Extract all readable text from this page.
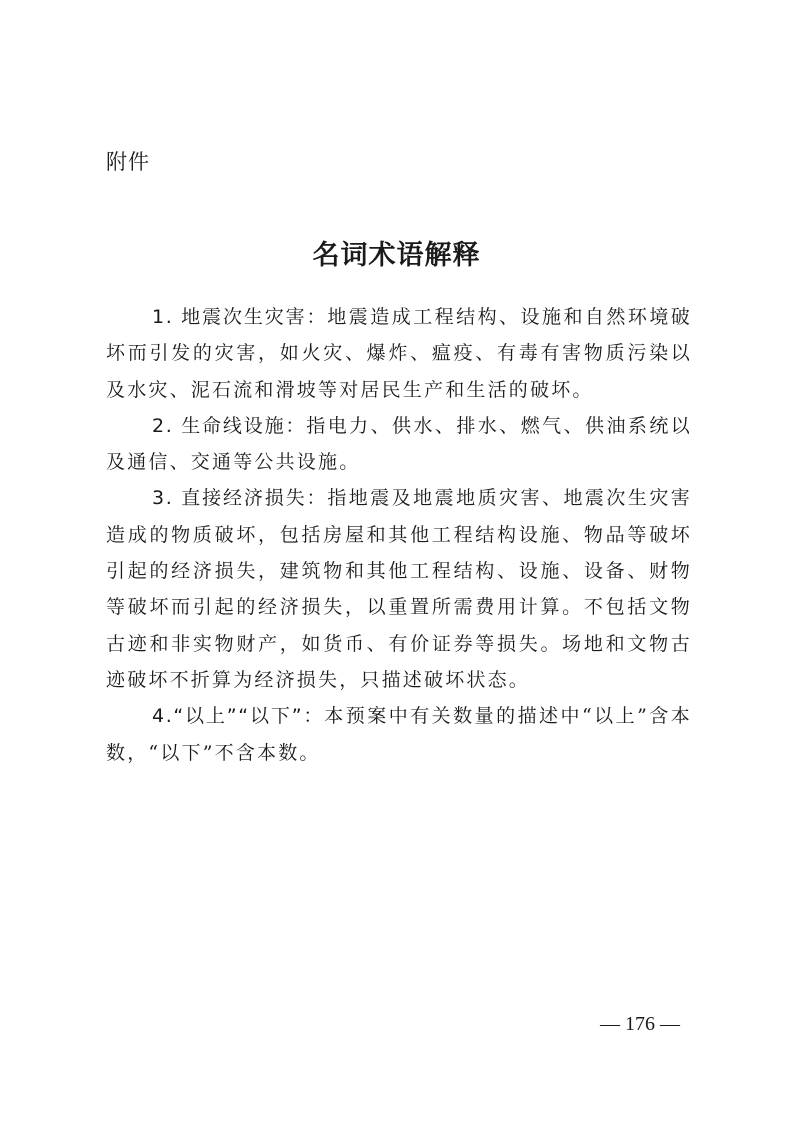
附件
名词术语解释

1. 地震次生灾害：地震造成工程结构、设施和自然环境破坏而引发的灾害，如火灾、爆炸、瘟疫、有毒有害物质污染以及水灾、泥石流和滑坡等对居民生产和生活的破坏。

2. 生命线设施：指电力、供水、排水、燃气、供油系统以及通信、交通等公共设施。

3. 直接经济损失：指地震及地震地质灾害、地震次生灾害造成的物质破坏，包括房屋和其他工程结构设施、物品等破坏引起的经济损失，建筑物和其他工程结构、设施、设备、财物等破坏而引起的经济损失，以重置所需费用计算。不包括文物古迹和非实物财产，如货币、有价证券等损失。场地和文物古迹破坏不折算为经济损失，只描述破坏状态。

4.“以上”“以下”：本预案中有关数量的描述中“以上”含本数，“以下”不含本数。

— 176 —
